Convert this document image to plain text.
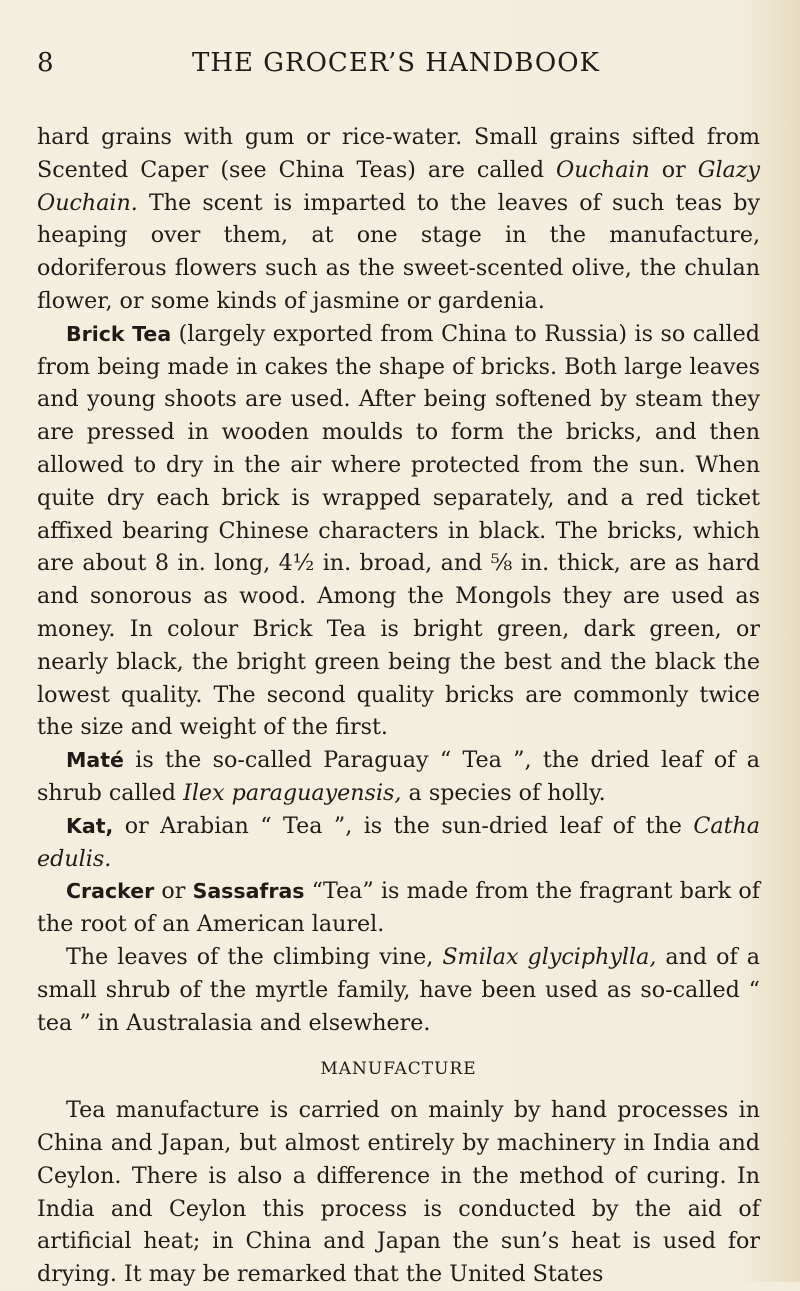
8	THE GROCER’S HANDBOOK

hard grains with gum or rice-water. Small grains sifted from Scented Caper (see China Teas) are called Ouchain or Glazy Ouchain. The scent is imparted to the leaves of such teas by heaping over them, at one stage in the manufacture, odoriferous flowers such as the sweet-scented olive, the chulan flower, or some kinds of jasmine or gardenia.

Brick Tea (largely exported from China to Russia) is so called from being made in cakes the shape of bricks. Both large leaves and young shoots are used. After being softened by steam they are pressed in wooden moulds to form the bricks, and then allowed to dry in the air where protected from the sun. When quite dry each brick is wrapped separately, and a red ticket affixed bearing Chinese characters in black. The bricks, which are about 8 in. long, 4½ in. broad, and ⅝ in. thick, are as hard and sonorous as wood. Among the Mongols they are used as money. In colour Brick Tea is bright green, dark green, or nearly black, the bright green being the best and the black the lowest quality. The second quality bricks are commonly twice the size and weight of the first.

Maté is the so-called Paraguay “ Tea ”, the dried leaf of a shrub called Ilex paraguayensis, a species of holly.

Kat, or Arabian “ Tea ”, is the sun-dried leaf of the Catha edulis.

Cracker or Sassafras “Tea” is made from the fragrant bark of the root of an American laurel.

The leaves of the climbing vine, Smilax glyciphylla, and of a small shrub of the myrtle family, have been used as so-called “ tea ” in Australasia and elsewhere.

MANUFACTURE

Tea manufacture is carried on mainly by hand processes in China and Japan, but almost entirely by machinery in India and Ceylon. There is also a difference in the method of curing. In India and Ceylon this process is conducted by the aid of artificial heat; in China and Japan the sun’s heat is used for drying. It may be remarked that the United States
